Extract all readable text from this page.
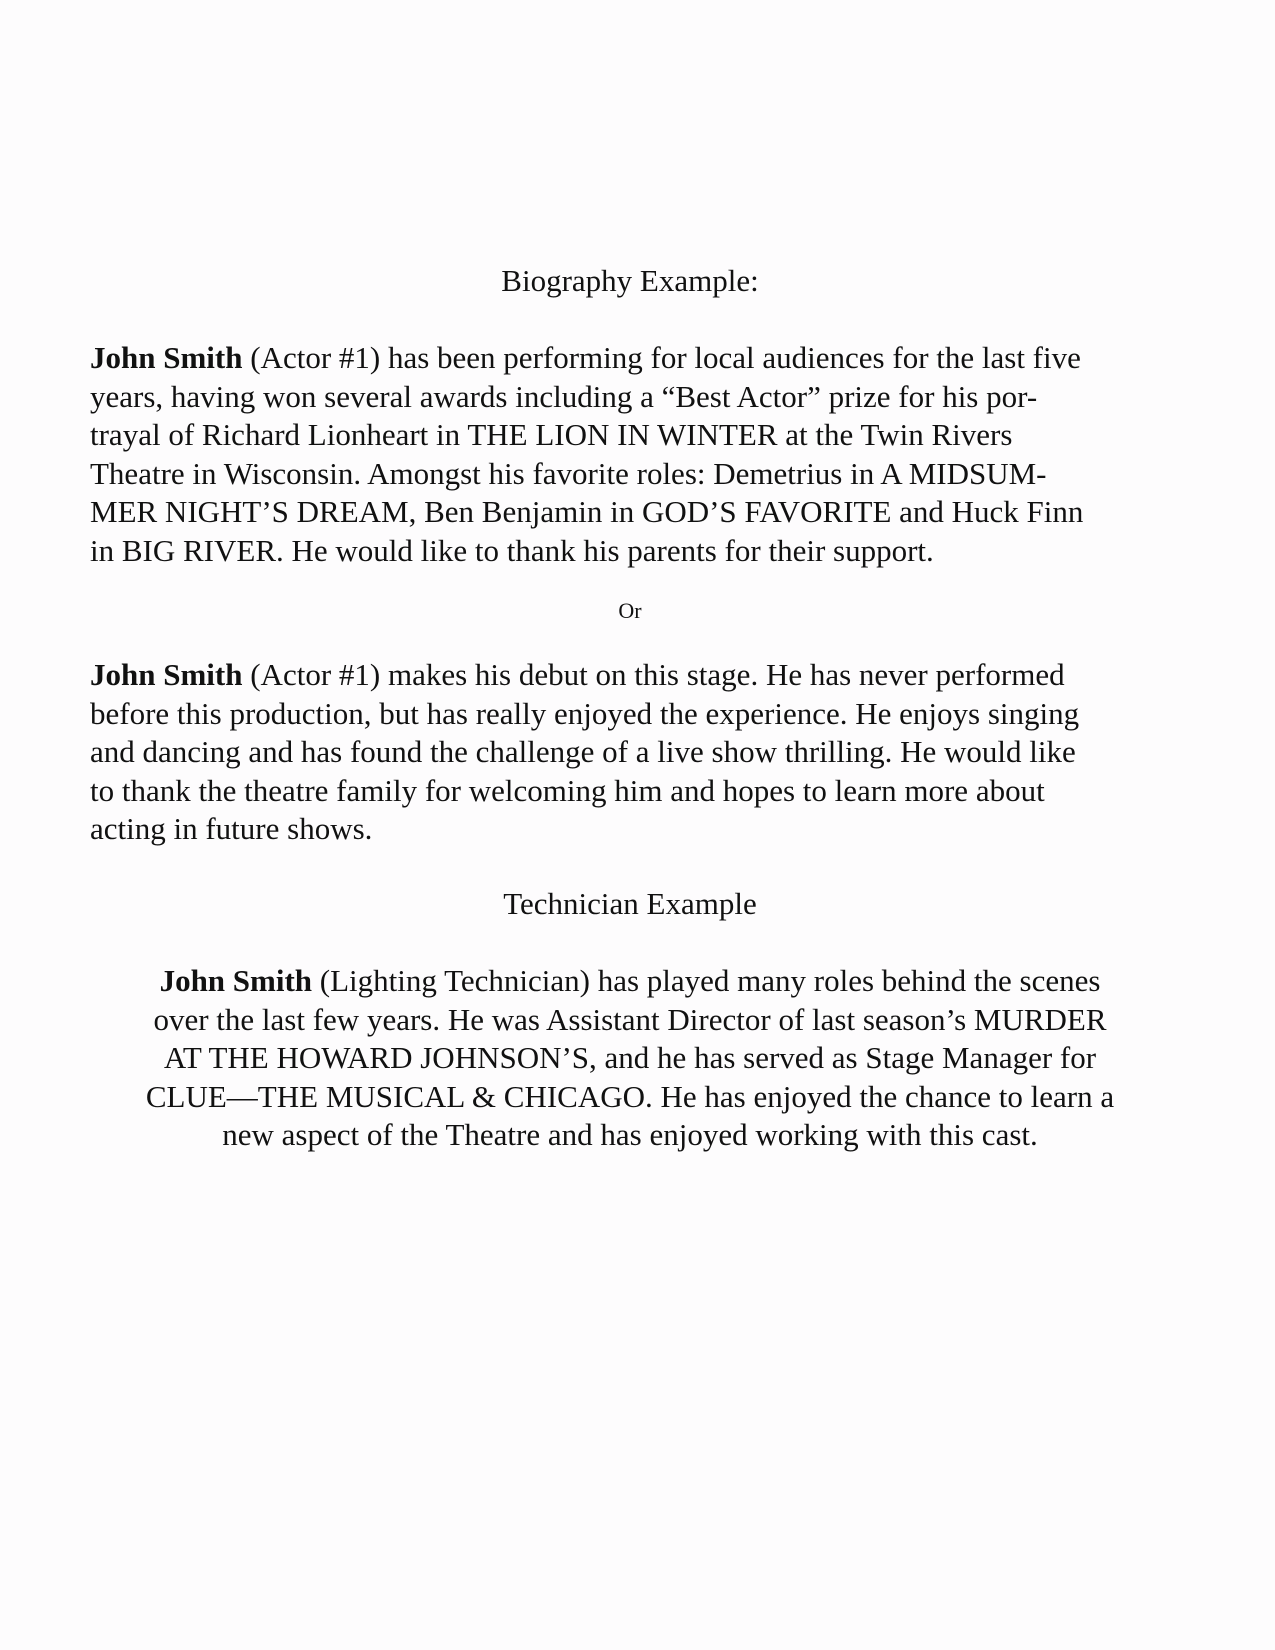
Biography Example:
John Smith (Actor #1) has been performing for local audiences for the last five
years, having won several awards including a “Best Actor” prize for his por-
trayal of Richard Lionheart in THE LION IN WINTER at the Twin Rivers
Theatre in Wisconsin. Amongst his favorite roles: Demetrius in A MIDSUM-
MER NIGHT’S DREAM, Ben Benjamin in GOD’S FAVORITE and Huck Finn
in BIG RIVER. He would like to thank his parents for their support.
Or
John Smith (Actor #1) makes his debut on this stage. He has never performed
before this production, but has really enjoyed the experience. He enjoys singing
and dancing and has found the challenge of a live show thrilling. He would like
to thank the theatre family for welcoming him and hopes to learn more about
acting in future shows.
Technician Example
John Smith (Lighting Technician) has played many roles behind the scenes
over the last few years. He was Assistant Director of last season’s MURDER
AT THE HOWARD JOHNSON’S, and he has served as Stage Manager for
CLUE—THE MUSICAL & CHICAGO. He has enjoyed the chance to learn a
new aspect of the Theatre and has enjoyed working with this cast.
